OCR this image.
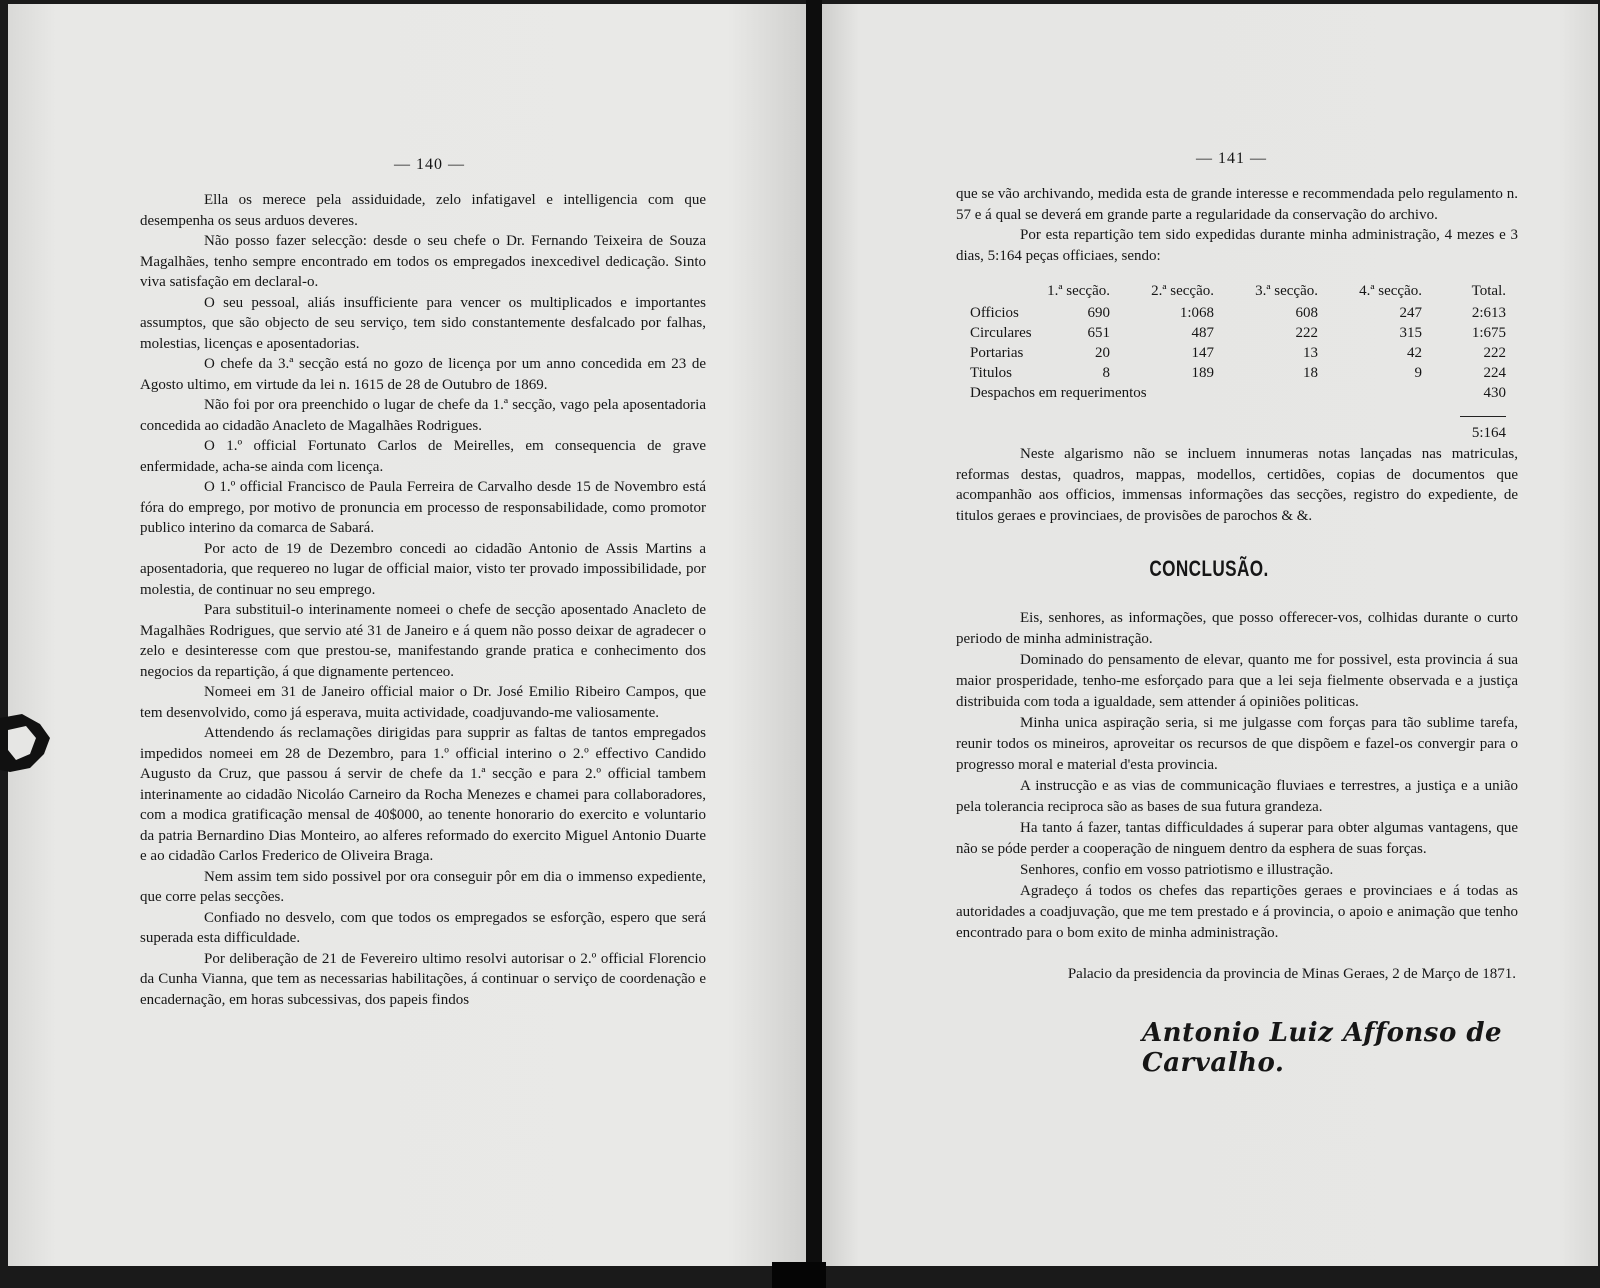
— 140 —

Ella os merece pela assiduidade, zelo infatigavel e intelligencia com que desempenha os seus arduos deveres.

Não posso fazer selecção: desde o seu chefe o Dr. Fernando Teixeira de Souza Magalhães, tenho sempre encontrado em todos os empregados inexcedivel dedicação. Sinto viva satisfação em declaral-o.

O seu pessoal, aliás insufficiente para vencer os multiplicados e importantes assumptos, que são objecto de seu serviço, tem sido constantemente desfalcado por falhas, molestias, licenças e aposentadorias.

O chefe da 3.ª secção está no gozo de licença por um anno concedida em 23 de Agosto ultimo, em virtude da lei n. 1615 de 28 de Outubro de 1869.

Não foi por ora preenchido o lugar de chefe da 1.ª secção, vago pela aposentadoria concedida ao cidadão Anacleto de Magalhães Rodrigues.

O 1.º official Fortunato Carlos de Meirelles, em consequencia de grave enfermidade, acha-se ainda com licença.

O 1.º official Francisco de Paula Ferreira de Carvalho desde 15 de Novembro está fóra do emprego, por motivo de pronuncia em processo de responsabilidade, como promotor publico interino da comarca de Sabará.

Por acto de 19 de Dezembro concedi ao cidadão Antonio de Assis Martins a aposentadoria, que requereo no lugar de official maior, visto ter provado impossibilidade, por molestia, de continuar no seu emprego.

Para substituil-o interinamente nomeei o chefe de secção aposentado Anacleto de Magalhães Rodrigues, que servio até 31 de Janeiro e á quem não posso deixar de agradecer o zelo e desinteresse com que prestou-se, manifestando grande pratica e conhecimento dos negocios da repartição, á que dignamente pertenceo.

Nomeei em 31 de Janeiro official maior o Dr. José Emilio Ribeiro Campos, que tem desenvolvido, como já esperava, muita actividade, coadjuvando-me valiosamente.

Attendendo ás reclamações dirigidas para supprir as faltas de tantos empregados impedidos nomeei em 28 de Dezembro, para 1.º official interino o 2.º effectivo Candido Augusto da Cruz, que passou á servir de chefe da 1.ª secção e para 2.º official tambem interinamente ao cidadão Nicoláo Carneiro da Rocha Menezes e chamei para collaboradores, com a modica gratificação mensal de 40$000, ao tenente honorario do exercito e voluntario da patria Bernardino Dias Monteiro, ao alferes reformado do exercito Miguel Antonio Duarte e ao cidadão Carlos Frederico de Oliveira Braga.

Nem assim tem sido possivel por ora conseguir pôr em dia o immenso expediente, que corre pelas secções.

Confiado no desvelo, com que todos os empregados se esforção, espero que será superada esta difficuldade.

Por deliberação de 21 de Fevereiro ultimo resolvi autorisar o 2.º official Florencio da Cunha Vianna, que tem as necessarias habilitações, á continuar o serviço de coordenação e encadernação, em horas subcessivas, dos papeis findos

— 141 —

que se vão archivando, medida esta de grande interesse e recommendada pelo regulamento n. 57 e á qual se deverá em grande parte a regularidade da conservação do archivo.

Por esta repartição tem sido expedidas durante minha administração, 4 mezes e 3 dias, 5:164 peças officiaes, sendo:

	1.ª secção.	2.ª secção.	3.ª secção.	4.ª secção.	Total.
Officios	690	1:068	608	247	2:613
Circulares	651	487	222	315	1:675
Portarias	20	147	13	42	222
Titulos	8	189	18	9	224
Despachos em requerimentos					430

					5:164

Neste algarismo não se incluem innumeras notas lançadas nas matriculas, reformas destas, quadros, mappas, modellos, certidões, copias de documentos que acompanhão aos officios, immensas informações das secções, registro do expediente, de titulos geraes e provinciaes, de provisões de parochos & &.

CONCLUSÃO.

Eis, senhores, as informações, que posso offerecer-vos, colhidas durante o curto periodo de minha administração.

Dominado do pensamento de elevar, quanto me for possivel, esta provincia á sua maior prosperidade, tenho-me esforçado para que a lei seja fielmente observada e a justiça distribuida com toda a igualdade, sem attender á opiniões politicas.

Minha unica aspiração seria, si me julgasse com forças para tão sublime tarefa, reunir todos os mineiros, aproveitar os recursos de que dispõem e fazel-os convergir para o progresso moral e material d'esta provincia.

A instrucção e as vias de communicação fluviaes e terrestres, a justiça e a união pela tolerancia reciproca são as bases de sua futura grandeza.

Ha tanto á fazer, tantas difficuldades á superar para obter algumas vantagens, que não se póde perder a cooperação de ninguem dentro da esphera de suas forças.

Senhores, confio em vosso patriotismo e illustração.

Agradeço á todos os chefes das repartições geraes e provinciaes e á todas as autoridades a coadjuvação, que me tem prestado e á provincia, o apoio e animação que tenho encontrado para o bom exito de minha administração.

Palacio da presidencia da provincia de Minas Geraes, 2 de Março de 1871.
Antonio Luiz Affonso de Carvalho.
